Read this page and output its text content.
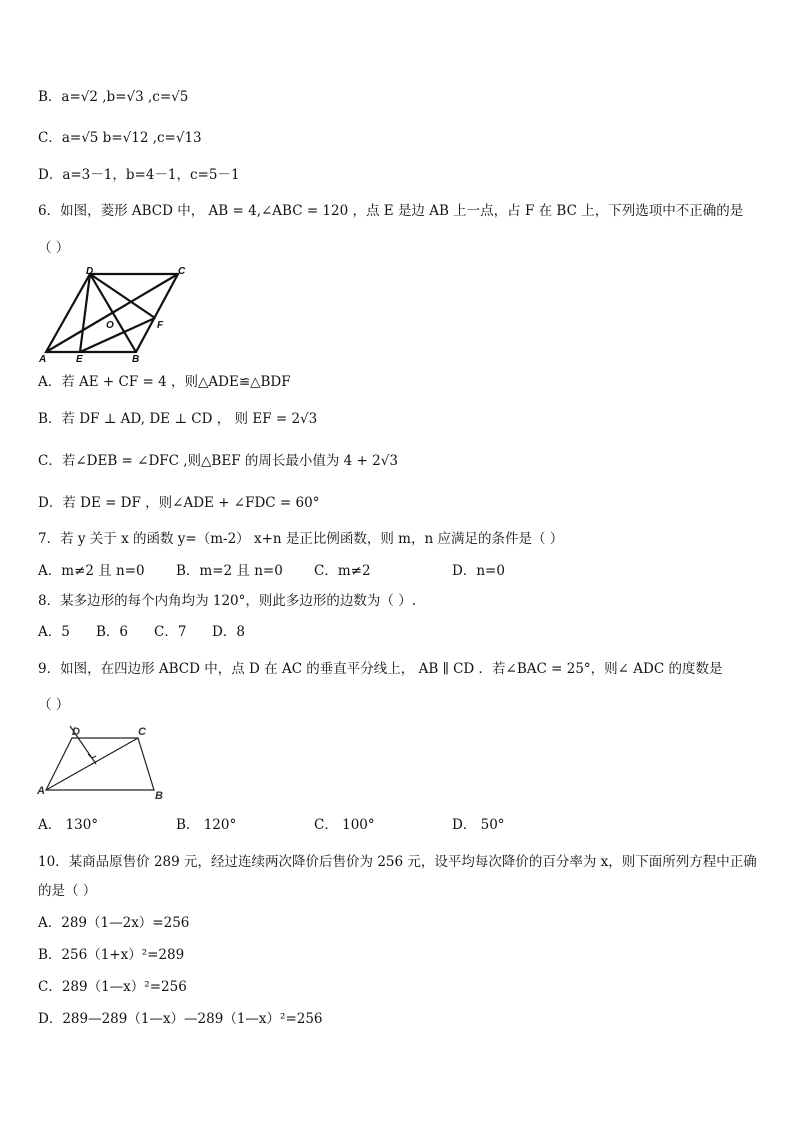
B．a=√2 ,b=√3 ,c=√5
C．a=√5 b=√12 ,c=√13
D．a=3－1，b=4－1，c=5－1
6．如图，菱形 ABCD 中， AB = 4,∠ABC = 120 ，点 E 是边 AB 上一点，占 F 在 BC 上，下列选项中不正确的是
（ ）
D	C
A	E	B
O	F
A．若 AE + CF = 4 ，则△ADE≌△BDF
B．若 DF ⊥ AD, DE ⊥ CD ， 则 EF = 2√3
C．若∠DEB = ∠DFC ,则△BEF 的周长最小值为 4 + 2√3
D．若 DE = DF ，则∠ADE + ∠FDC = 60°
7．若 y 关于 x 的函数 y=（m-2） x+n 是正比例函数，则 m，n 应满足的条件是（ ）
A．m≠2 且 n=0 B．m=2 且 n=0 C．m≠2	D．n=0
8．某多边形的每个内角均为 120°，则此多边形的边数为（ ）.
A．5 B．6 C．7 D．8
9．如图，在四边形 ABCD 中，点 D 在 AC 的垂直平分线上， AB ∥ CD ．若∠BAC = 25°，则∠ ADC 的度数是
（ ）
D	C
A	B
A． 130°	B． 120°	C． 100°	D． 50°
10．某商品原售价 289 元，经过连续两次降价后售价为 256 元，设平均每次降价的百分率为 x，则下面所列方程中正确
的是（ ）
A．289（1—2x）=256
B．256（1+x）²=289
C．289（1—x）²=256
D．289—289（1—x）—289（1—x）²=256
